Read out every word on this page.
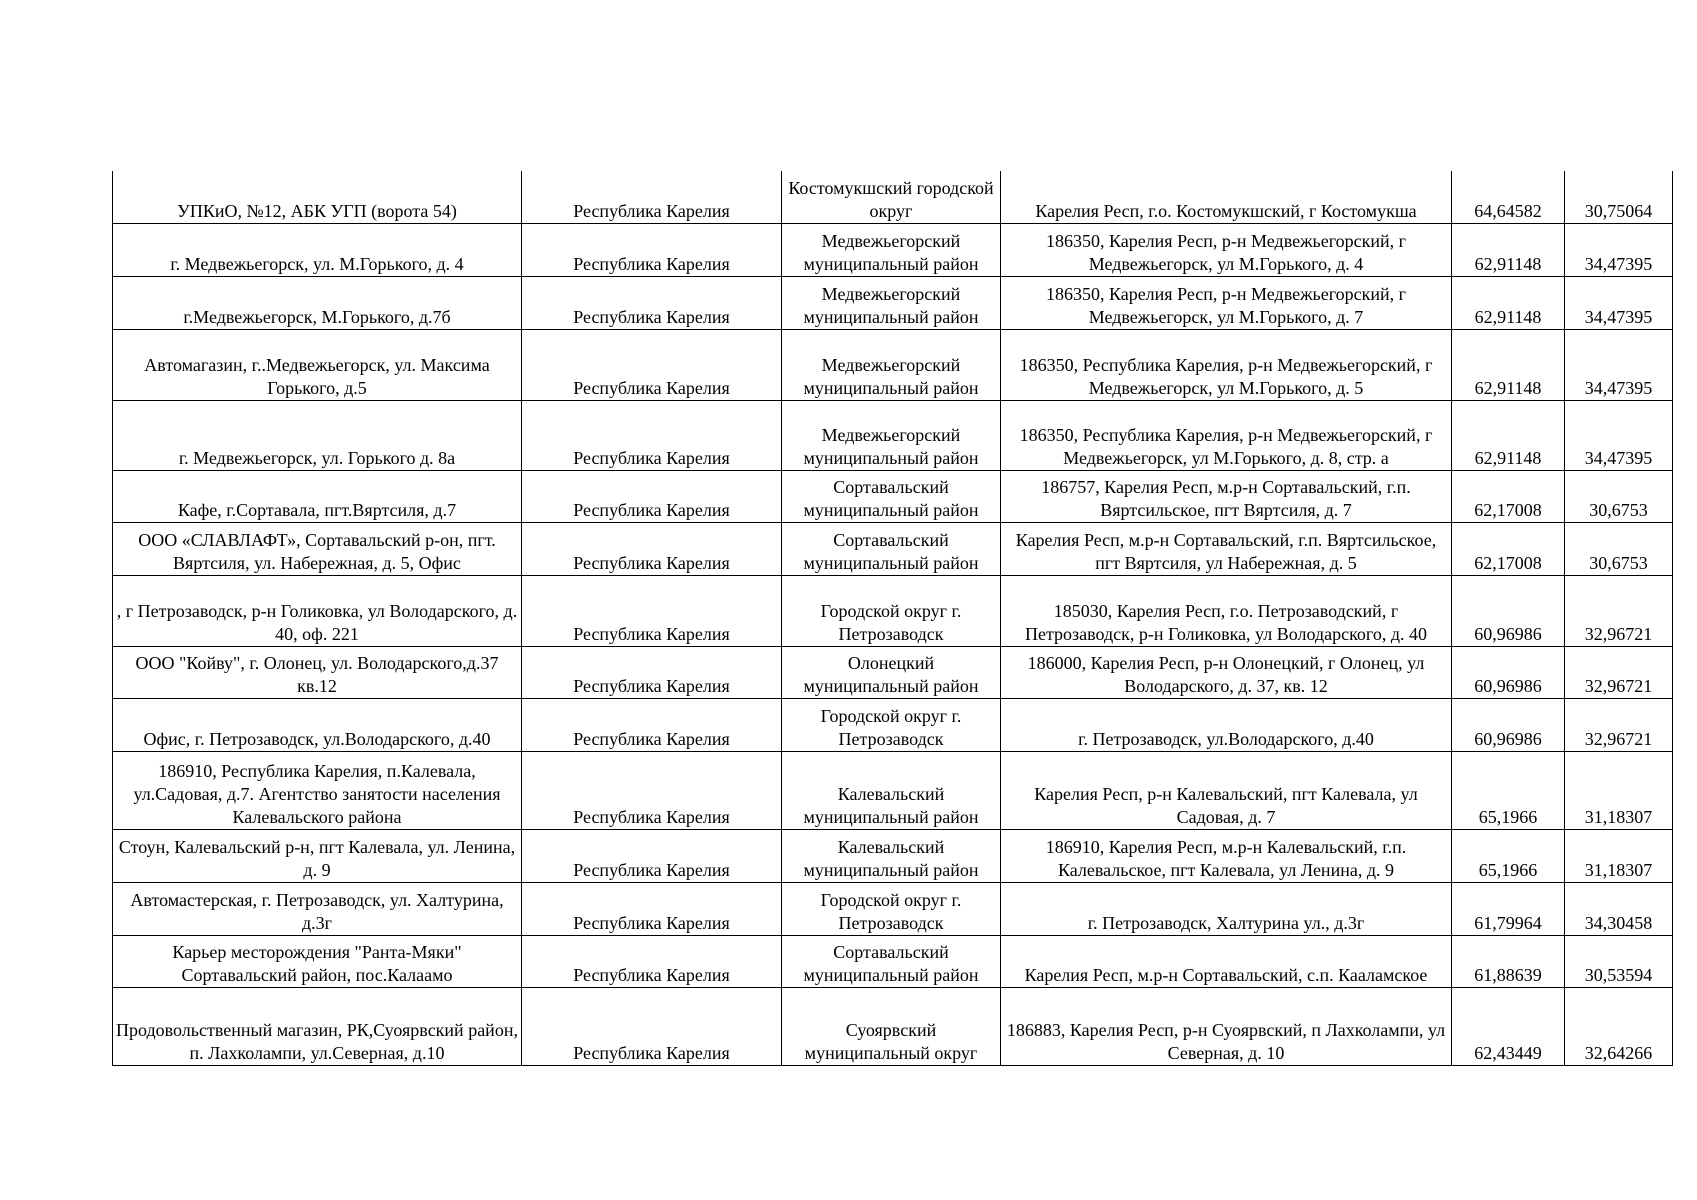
УПКиО, №12, АБК УГП (ворота 54)	Республика Карелия	Костомукшский городской округ	Карелия Респ, г.о. Костомукшский, г Костомукша	64,64582	30,75064
г. Медвежьегорск, ул. М.Горького, д. 4	Республика Карелия	Медвежьегорский муниципальный район	186350, Карелия Респ, р-н Медвежьегорский, г Медвежьегорск, ул М.Горького, д. 4	62,91148	34,47395
г.Медвежьегорск, М.Горького, д.7б	Республика Карелия	Медвежьегорский муниципальный район	186350, Карелия Респ, р-н Медвежьегорский, г Медвежьегорск, ул М.Горького, д. 7	62,91148	34,47395
Автомагазин, г..Медвежьегорск, ул. Максима Горького, д.5	Республика Карелия	Медвежьегорский муниципальный район	186350, Республика Карелия, р-н Медвежьегорский, г Медвежьегорск, ул М.Горького, д. 5	62,91148	34,47395
г. Медвежьегорск, ул. Горького д. 8а	Республика Карелия	Медвежьегорский муниципальный район	186350, Республика Карелия, р-н Медвежьегорский, г Медвежьегорск, ул М.Горького, д. 8, стр. а	62,91148	34,47395
Кафе, г.Сортавала, пгт.Вяртсиля, д.7	Республика Карелия	Сортавальский муниципальный район	186757, Карелия Респ, м.р-н Сортавальский, г.п. Вяртсильское, пгт Вяртсиля, д. 7	62,17008	30,6753
ООО «СЛАВЛАФТ», Сортавальский р-он, пгт. Вяртсиля, ул. Набережная, д. 5, Офис	Республика Карелия	Сортавальский муниципальный район	Карелия Респ, м.р-н Сортавальский, г.п. Вяртсильское, пгт Вяртсиля, ул Набережная, д. 5	62,17008	30,6753
, г Петрозаводск, р-н Голиковка, ул Володарского, д. 40, оф. 221	Республика Карелия	Городской округ г. Петрозаводск	185030, Карелия Респ, г.о. Петрозаводский, г Петрозаводск, р-н Голиковка, ул Володарского, д. 40	60,96986	32,96721
ООО "Койву", г. Олонец, ул. Володарского,д.37 кв.12	Республика Карелия	Олонецкий муниципальный район	186000, Карелия Респ, р-н Олонецкий, г Олонец, ул Володарского, д. 37, кв. 12	60,96986	32,96721
Офис, г. Петрозаводск, ул.Володарского, д.40	Республика Карелия	Городской округ г. Петрозаводск	г. Петрозаводск, ул.Володарского, д.40	60,96986	32,96721
186910, Республика Карелия, п.Калевала, ул.Садовая, д.7. Агентство занятости населения Калевальского района	Республика Карелия	Калевальский муниципальный район	Карелия Респ, р-н Калевальский, пгт Калевала, ул Садовая, д. 7	65,1966	31,18307
Стоун, Калевальский р-н, пгт Калевала, ул. Ленина, д. 9	Республика Карелия	Калевальский муниципальный район	186910, Карелия Респ, м.р-н Калевальский, г.п. Калевальское, пгт Калевала, ул Ленина, д. 9	65,1966	31,18307
Автомастерская, г. Петрозаводск, ул. Халтурина, д.3г	Республика Карелия	Городской округ г. Петрозаводск	г. Петрозаводск, Халтурина ул., д.3г	61,79964	34,30458
Карьер месторождения "Ранта-Мяки" Сортавальский район, пос.Калаамо	Республика Карелия	Сортавальский муниципальный район	Карелия Респ, м.р-н Сортавальский, с.п. Кааламское	61,88639	30,53594
Продовольственный магазин, РК,Суоярвский район, п. Лахколампи, ул.Северная, д.10	Республика Карелия	Суоярвский муниципальный округ	186883, Карелия Респ, р-н Суоярвский, п Лахколампи, ул Северная, д. 10	62,43449	32,64266
